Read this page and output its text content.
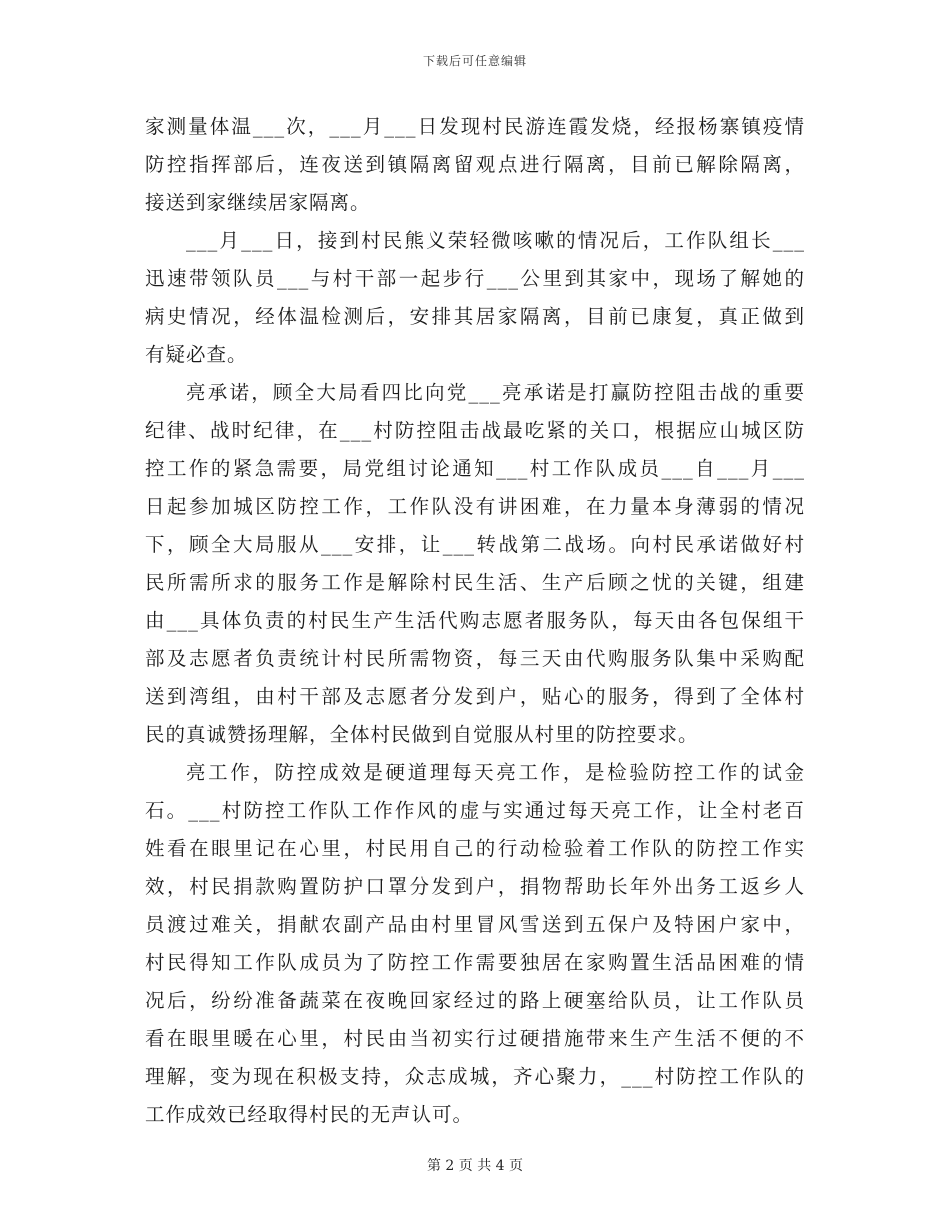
下载后可任意编辑
家测量体温___次，___月___日发现村民游连霞发烧，经报杨寨镇疫情
防控指挥部后，连夜送到镇隔离留观点进行隔离，目前已解除隔离，
接送到家继续居家隔离。
___月___日，接到村民熊义荣轻微咳嗽的情况后，工作队组长___
迅速带领队员___与村干部一起步行___公里到其家中，现场了解她的
病史情况，经体温检测后，安排其居家隔离，目前已康复，真正做到
有疑必查。
亮承诺，顾全大局看四比向党___亮承诺是打赢防控阻击战的重要
纪律、战时纪律，在___村防控阻击战最吃紧的关口，根据应山城区防
控工作的紧急需要，局党组讨论通知___村工作队成员___自___月___
日起参加城区防控工作，工作队没有讲困难，在力量本身薄弱的情况
下，顾全大局服从___安排，让___转战第二战场。向村民承诺做好村
民所需所求的服务工作是解除村民生活、生产后顾之忧的关键，组建
由___具体负责的村民生产生活代购志愿者服务队，每天由各包保组干
部及志愿者负责统计村民所需物资，每三天由代购服务队集中采购配
送到湾组，由村干部及志愿者分发到户，贴心的服务，得到了全体村
民的真诚赞扬理解，全体村民做到自觉服从村里的防控要求。
亮工作，防控成效是硬道理每天亮工作，是检验防控工作的试金
石。___村防控工作队工作作风的虚与实通过每天亮工作，让全村老百
姓看在眼里记在心里，村民用自己的行动检验着工作队的防控工作实
效，村民捐款购置防护口罩分发到户，捐物帮助长年外出务工返乡人
员渡过难关，捐献农副产品由村里冒风雪送到五保户及特困户家中，
村民得知工作队成员为了防控工作需要独居在家购置生活品困难的情
况后，纷纷准备蔬菜在夜晚回家经过的路上硬塞给队员，让工作队员
看在眼里暖在心里，村民由当初实行过硬措施带来生产生活不便的不
理解，变为现在积极支持，众志成城，齐心聚力，___村防控工作队的
工作成效已经取得村民的无声认可。
第 2 页 共 4 页
